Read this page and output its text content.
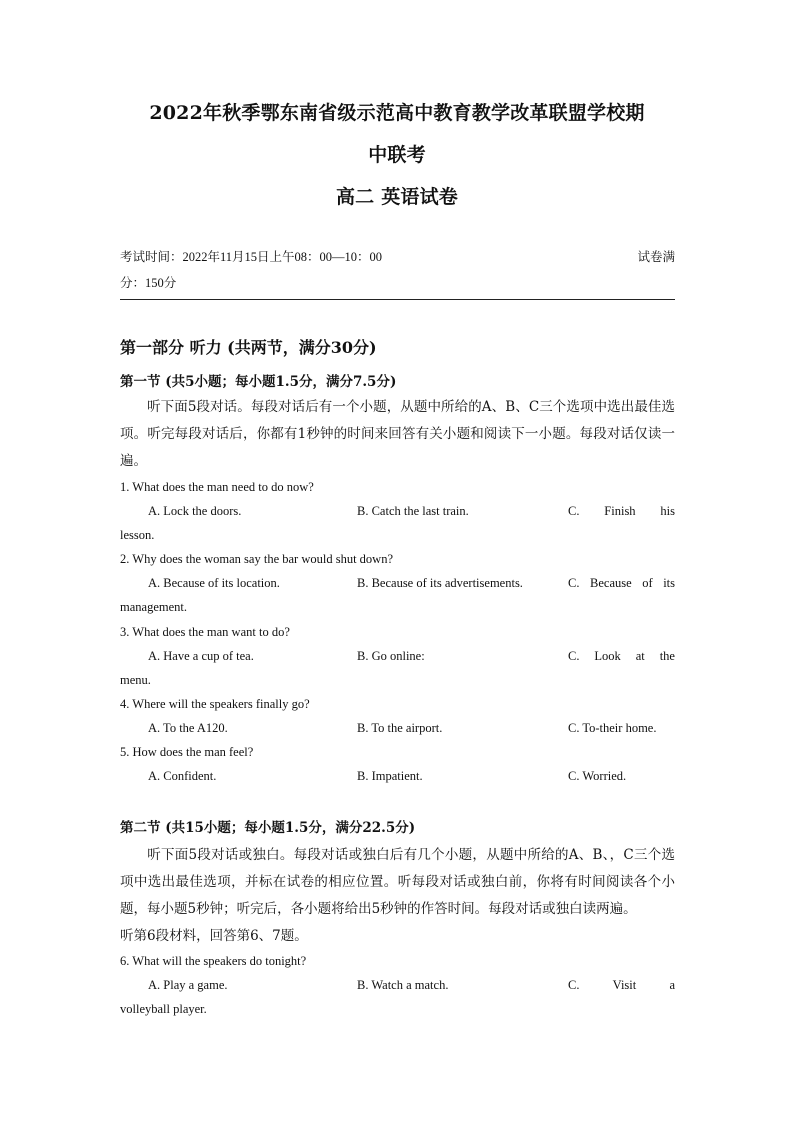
2022年秋季鄂东南省级示范高中教育教学改革联盟学校期
中联考
高二 英语试卷
考试时间：2022年11月15日上午08：00—10：00	试卷满
分：150分
第一部分 听力 (共两节，满分30分)
第一节 (共5小题；每小题1.5分，满分7.5分)
听下面5段对话。每段对话后有一个小题，从题中所给的A、B、C三个选项中选出最佳选项。听完每段对话后，你都有1秒钟的时间来回答有关小题和阅读下一小题。每段对话仅读一遍。
1. What does the man need to do now?
A. Lock the doors.	B. Catch the last train.	C. Finish his
lesson.
2. Why does the woman say the bar would shut down?
A. Because of its location.	B. Because of its advertisements.	C. Because of its
management.
3. What does the man want to do?
A. Have a cup of tea.	B. Go online:	C. Look at the
menu.
4. Where will the speakers finally go?
A. To the A120.	B. To the airport.	C. To-their home.
5. How does the man feel?
A. Confident.	B. Impatient.	C. Worried.
第二节 (共15小题；每小题1.5分，满分22.5分)
听下面5段对话或独白。每段对话或独白后有几个小题，从题中所给的A、B、，C三个选项中选出最佳选项，并标在试卷的相应位置。听每段对话或独白前，你将有时间阅读各个小题，每小题5秒钟；听完后，各小题将给出5秒钟的作答时间。每段对话或独白读两遍。
听第6段材料，回答第6、7题。
6. What will the speakers do tonight?
A. Play a game.	B. Watch a match.	C.	Visit	a
volleyball player.
